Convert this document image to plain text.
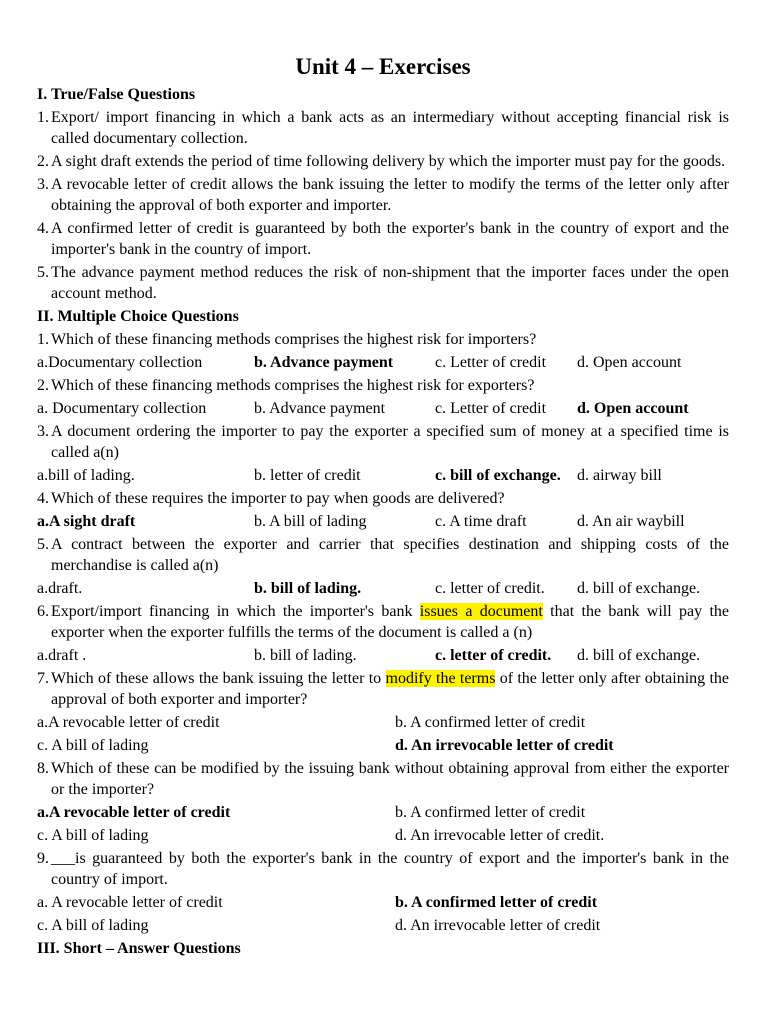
Unit 4 – Exercises
I. True/False Questions
1. Export/ import financing in which a bank acts as an intermediary without accepting financial risk is called documentary collection.
2. A sight draft extends the period of time following delivery by which the importer must pay for the goods.
3. A revocable letter of credit allows the bank issuing the letter to modify the terms of the letter only after obtaining the approval of both exporter and importer.
4. A confirmed letter of credit is guaranteed by both the exporter's bank in the country of export and the importer's bank in the country of import.
5. The advance payment method reduces the risk of non-shipment that the importer faces under the open account method.
II. Multiple Choice Questions
1. Which of these financing methods comprises the highest risk for importers?
a.Documentary collection	b. Advance payment	c. Letter of credit d. Open account
2. Which of these financing methods comprises the highest risk for exporters?
a. Documentary collection	b. Advance payment	c. Letter of credit d. Open account
3. A document ordering the importer to pay the exporter a specified sum of money at a specified time is called a(n)
a.bill of lading.	b. letter of credit	c. bill of exchange. d. airway bill
4. Which of these requires the importer to pay when goods are delivered?
a.A sight draft	b. A bill of lading	c. A time draft	d. An air waybill
5. A contract between the exporter and carrier that specifies destination and shipping costs of the merchandise is called a(n)
a.draft.	b. bill of lading.	c. letter of credit. d. bill of exchange.
6. Export/import financing in which the importer's bank issues a document that the bank will pay the exporter when the exporter fulfills the terms of the document is called a (n)
a.draft .	b. bill of lading.	c. letter of credit. d. bill of exchange.
7. Which of these allows the bank issuing the letter to modify the terms of the letter only after obtaining the approval of both exporter and importer?
a.A revocable letter of credit	b. A confirmed letter of credit
c. A bill of lading	d. An irrevocable letter of credit
8. Which of these can be modified by the issuing bank without obtaining approval from either the exporter or the importer?
a.A revocable letter of credit	b. A confirmed letter of credit
c. A bill of lading	d. An irrevocable letter of credit.
9. ___is guaranteed by both the exporter's bank in the country of export and the importer's bank in the country of import.
a. A revocable letter of credit	b. A confirmed letter of credit
c. A bill of lading	d. An irrevocable letter of credit
III. Short – Answer Questions
